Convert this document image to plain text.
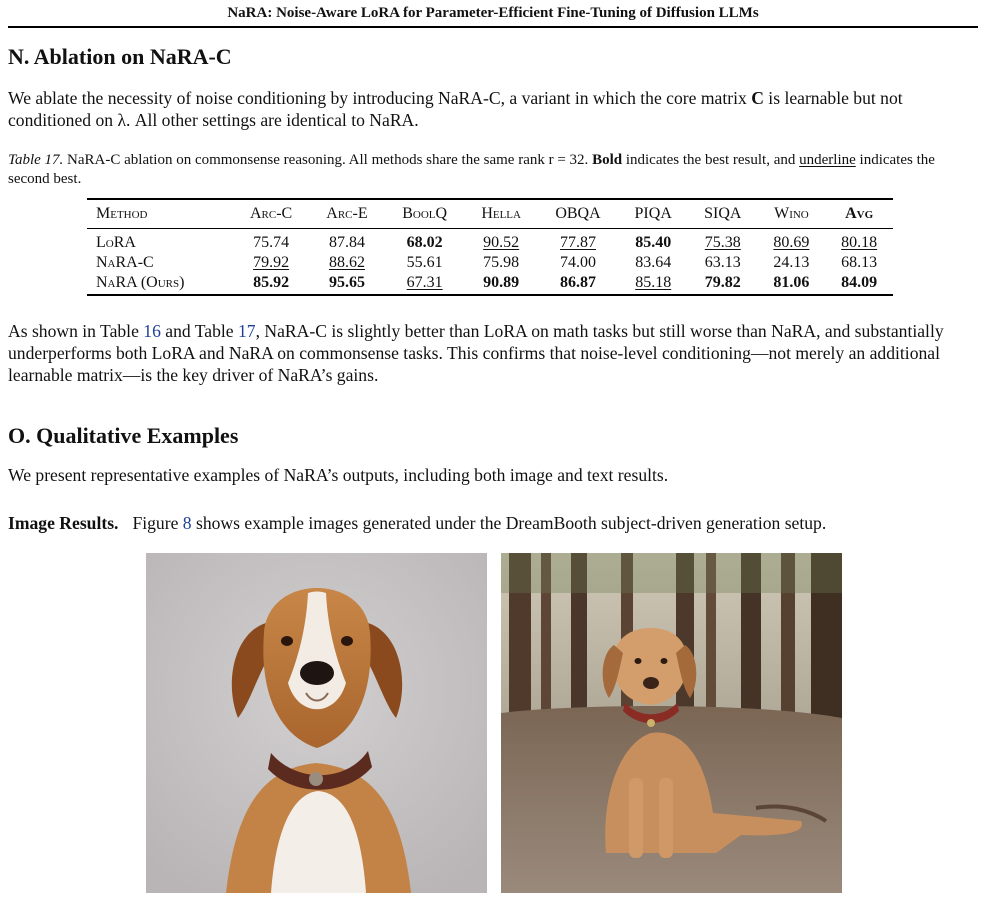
NaRA: Noise-Aware LoRA for Parameter-Efficient Fine-Tuning of Diffusion LLMs
N. Ablation on NaRA-C

We ablate the necessity of noise conditioning by introducing NaRA-C, a variant in which the core matrix C is learnable but not conditioned on λ. All other settings are identical to NaRA.

Table 17. NaRA-C ablation on commonsense reasoning. All methods share the same rank r = 32. Bold indicates the best result, and underline indicates the second best.
Method	Arc-C	Arc-E	BoolQ	Hella	OBQA	PIQA	SIQA	Wino	Avg
LoRA	75.74	87.84	68.02	90.52	77.87	85.40	75.38	80.69	80.18
NaRA-C	79.92	88.62	55.61	75.98	74.00	83.64	63.13	24.13	68.13
NaRA (Ours)	85.92	95.65	67.31	90.89	86.87	85.18	79.82	81.06	84.09

As shown in Table 16 and Table 17, NaRA-C is slightly better than LoRA on math tasks but still worse than NaRA, and substantially underperforms both LoRA and NaRA on commonsense tasks. This confirms that noise-level conditioning—not merely an additional learnable matrix—is the key driver of NaRA’s gains.

O. Qualitative Examples

We present representative examples of NaRA’s outputs, including both image and text results.

Image Results. Figure 8 shows example images generated under the DreamBooth subject-driven generation setup.
